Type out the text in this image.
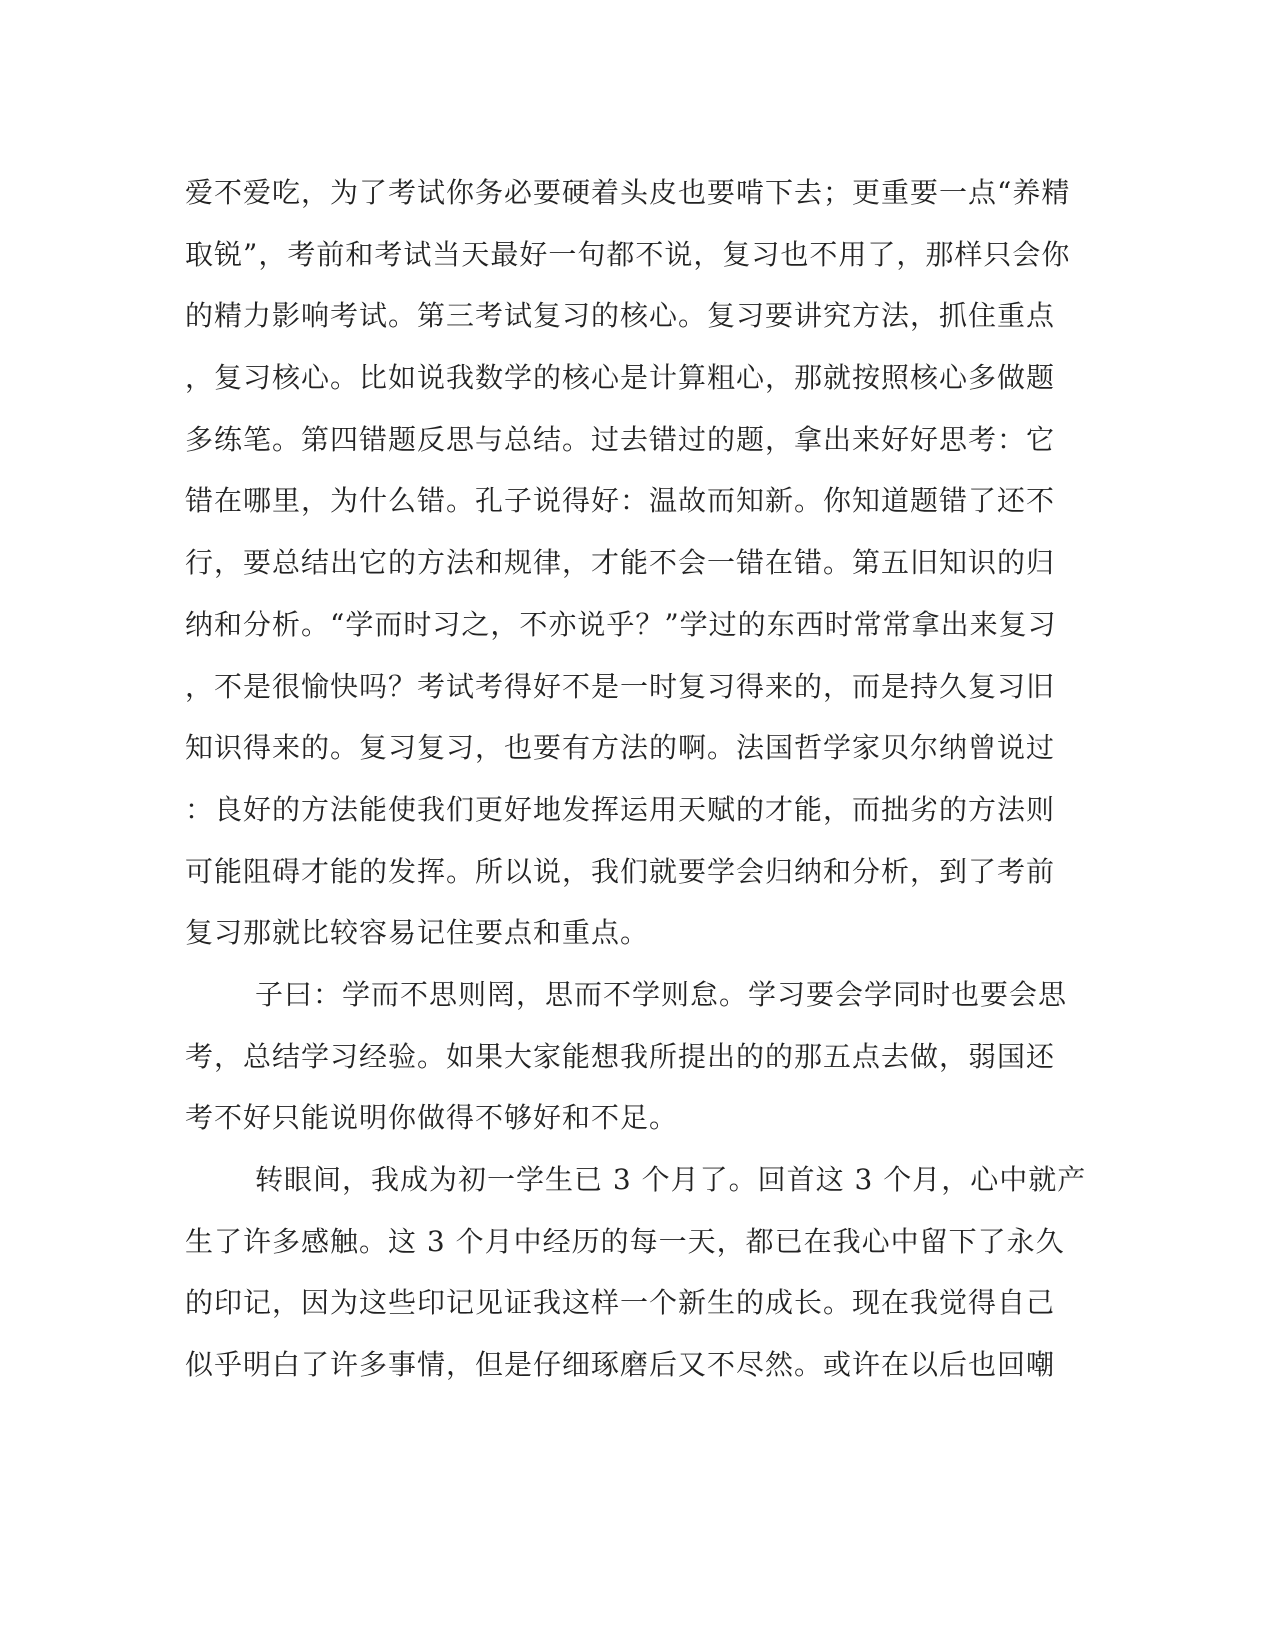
爱不爱吃，为了考试你务必要硬着头皮也要啃下去；更重要一点“养精
取锐”，考前和考试当天最好一句都不说，复习也不用了，那样只会你
的精力影响考试。第三考试复习的核心。复习要讲究方法，抓住重点
，复习核心。比如说我数学的核心是计算粗心，那就按照核心多做题
多练笔。第四错题反思与总结。过去错过的题，拿出来好好思考：它
错在哪里，为什么错。孔子说得好：温故而知新。你知道题错了还不
行，要总结出它的方法和规律，才能不会一错在错。第五旧知识的归
纳和分析。“学而时习之，不亦说乎？”学过的东西时常常拿出来复习
，不是很愉快吗？考试考得好不是一时复习得来的，而是持久复习旧
知识得来的。复习复习，也要有方法的啊。法国哲学家贝尔纳曾说过
：良好的方法能使我们更好地发挥运用天赋的才能，而拙劣的方法则
可能阻碍才能的发挥。所以说，我们就要学会归纳和分析，到了考前
复习那就比较容易记住要点和重点。
子曰：学而不思则罔，思而不学则怠。学习要会学同时也要会思
考，总结学习经验。如果大家能想我所提出的的那五点去做，弱国还
考不好只能说明你做得不够好和不足。
转眼间，我成为初一学生已 3 个月了。回首这 3 个月，心中就产
生了许多感触。这 3 个月中经历的每一天，都已在我心中留下了永久
的印记，因为这些印记见证我这样一个新生的成长。现在我觉得自己
似乎明白了许多事情，但是仔细琢磨后又不尽然。或许在以后也回嘲
